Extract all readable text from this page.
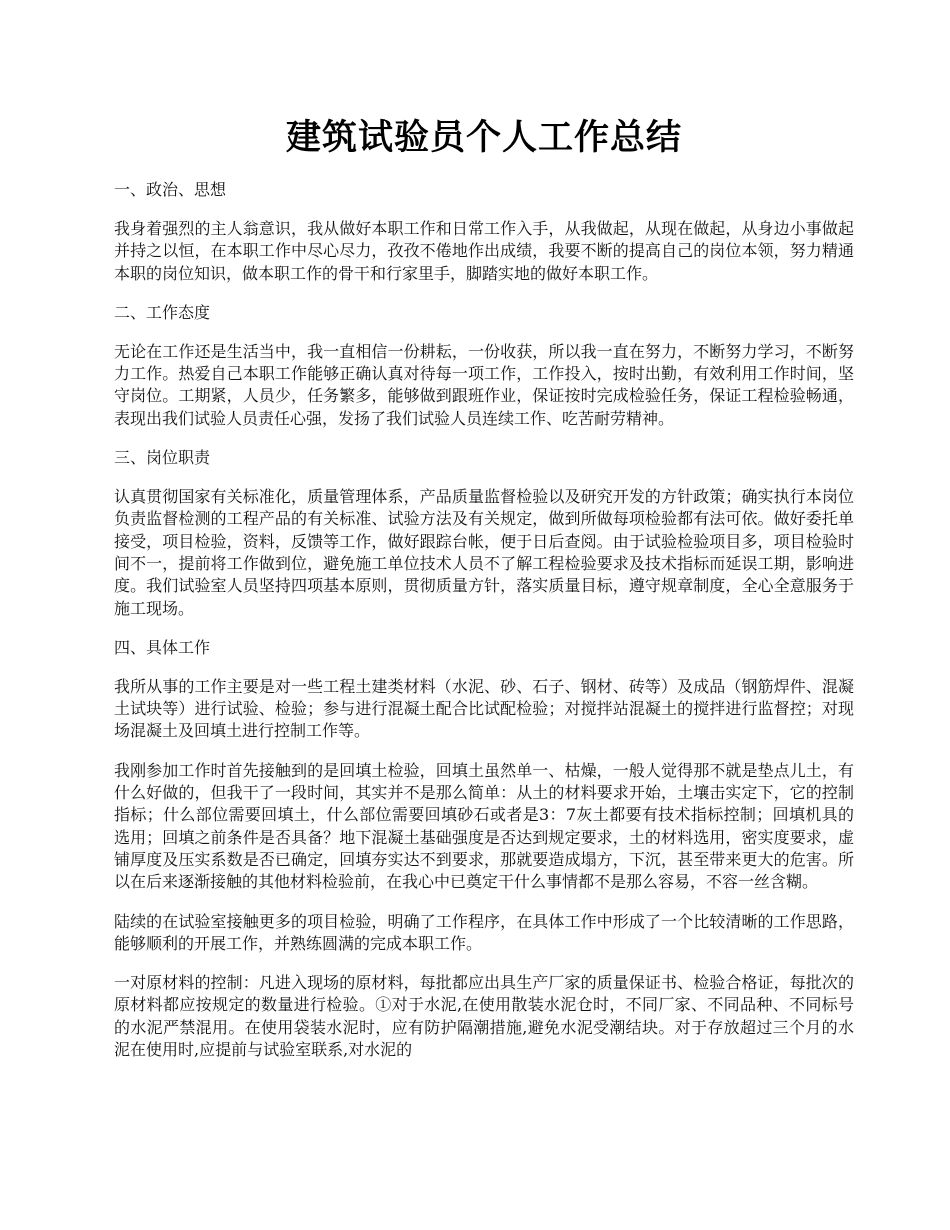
建筑试验员个人工作总结
一、政治、思想

我身着强烈的主人翁意识，我从做好本职工作和日常工作入手，从我做起，从现在做起，从身边小事做起并持之以恒，在本职工作中尽心尽力，孜孜不倦地作出成绩，我要不断的提高自己的岗位本领，努力精通本职的岗位知识，做本职工作的骨干和行家里手，脚踏实地的做好本职工作。

二、工作态度

无论在工作还是生活当中，我一直相信一份耕耘，一份收获，所以我一直在努力，不断努力学习，不断努力工作。热爱自己本职工作能够正确认真对待每一项工作，工作投入，按时出勤，有效利用工作时间，坚守岗位。工期紧，人员少，任务繁多，能够做到跟班作业，保证按时完成检验任务，保证工程检验畅通，表现出我们试验人员责任心强，发扬了我们试验人员连续工作、吃苦耐劳精神。

三、岗位职责

认真贯彻国家有关标准化，质量管理体系，产品质量监督检验以及研究开发的方针政策；确实执行本岗位负责监督检测的工程产品的有关标准、试验方法及有关规定，做到所做每项检验都有法可依。做好委托单接受，项目检验，资料，反馈等工作，做好跟踪台帐，便于日后查阅。由于试验检验项目多，项目检验时间不一，提前将工作做到位，避免施工单位技术人员不了解工程检验要求及技术指标而延误工期，影响进度。我们试验室人员坚持四项基本原则，贯彻质量方针，落实质量目标，遵守规章制度，全心全意服务于施工现场。

四、具体工作

我所从事的工作主要是对一些工程土建类材料（水泥、砂、石子、钢材、砖等）及成品（钢筋焊件、混凝土试块等）进行试验、检验；参与进行混凝土配合比试配检验；对搅拌站混凝土的搅拌进行监督控；对现场混凝土及回填土进行控制工作等。

我刚参加工作时首先接触到的是回填土检验，回填土虽然单一、枯燥，一般人觉得那不就是垫点儿土，有什么好做的，但我干了一段时间，其实并不是那么简单：从土的材料要求开始，土壤击实定下，它的控制指标；什么部位需要回填土，什么部位需要回填砂石或者是3：7灰土都要有技术指标控制；回填机具的选用；回填之前条件是否具备？地下混凝土基础强度是否达到规定要求，土的材料选用，密实度要求，虚铺厚度及压实系数是否已确定，回填夯实达不到要求，那就要造成塌方，下沉，甚至带来更大的危害。所以在后来逐渐接触的其他材料检验前，在我心中已奠定干什么事情都不是那么容易，不容一丝含糊。

陆续的在试验室接触更多的项目检验，明确了工作程序，在具体工作中形成了一个比较清晰的工作思路，能够顺利的开展工作，并熟练圆满的完成本职工作。

一对原材料的控制：凡进入现场的原材料，每批都应出具生产厂家的质量保证书、检验合格证，每批次的原材料都应按规定的数量进行检验。①对于水泥,在使用散装水泥仓时，不同厂家、不同品种、不同标号的水泥严禁混用。在使用袋装水泥时，应有防护隔潮措施,避免水泥受潮结块。对于存放超过三个月的水泥在使用时,应提前与试验室联系,对水泥的
